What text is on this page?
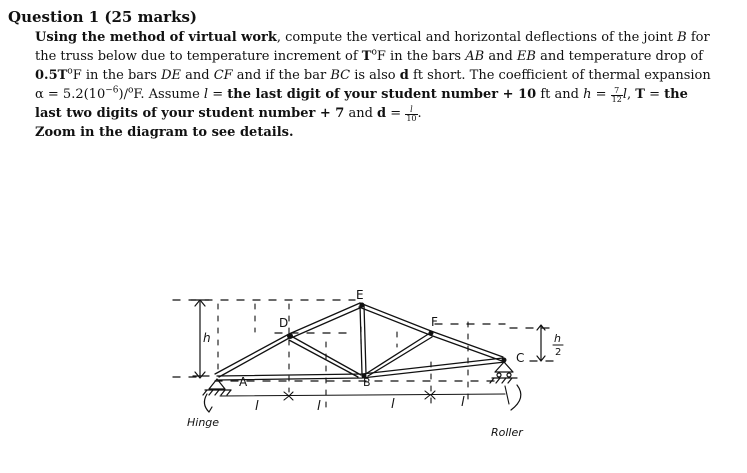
Question 1 (25 marks)
Using the method of virtual work, compute the vertical and horizontal deflections of the joint B for
the truss below due to temperature increment of $T^oF$ in the bars AB and EB and temperature drop of
$0.5T^oF$ in the bars DE and CF and if the bar BC is also d ft short. The coefficient of thermal expansion
$\alpha = 5.2(10^{-6})/^oF$. Assume l = the last digit of your student number + 10 ft and $h = \frac{7}{12} l$, T = the
last two digits of your student number + 7 and $d = \frac{l}{10}$ .
Zoom in the diagram to see details.
E
D	F
A	B
C
h	h
2
l	l	l	l
Hinge
Roller
